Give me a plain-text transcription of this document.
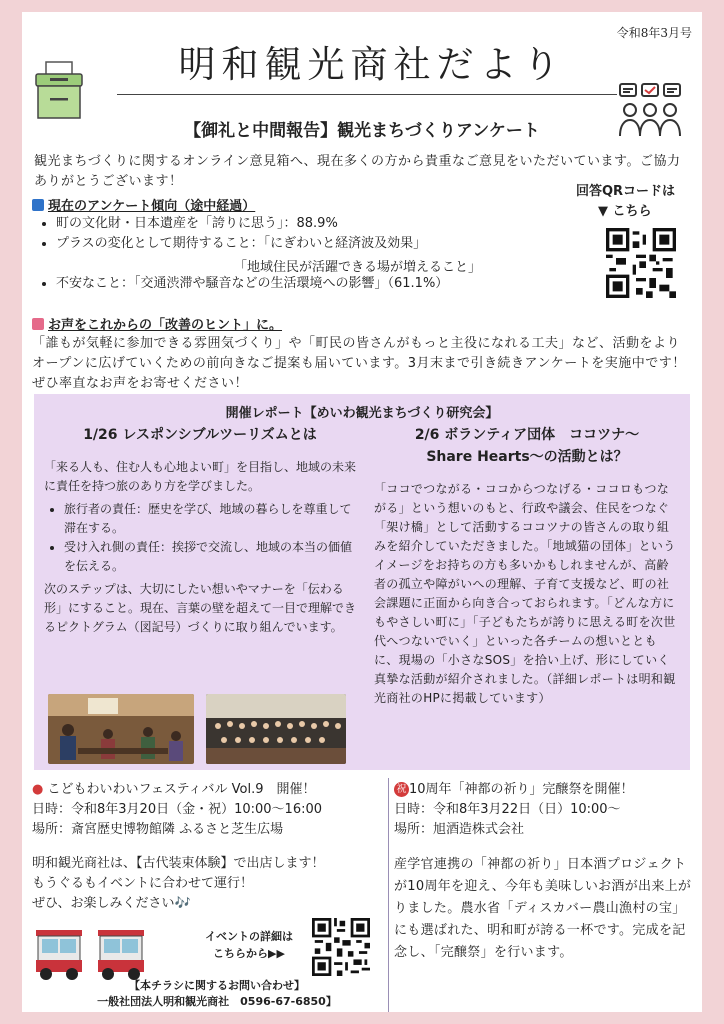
令和8年3月号
明和観光商社だより
【御礼と中間報告】観光まちづくりアンケート
観光まちづくりに関するオンライン意見箱へ、現在多くの方から貴重なご意見をいただいています。ご協力ありがとうございます！
現在のアンケート傾向（途中経過）
• 町の文化財・日本遺産を「誇りに思う」：88.9%
• プラスの変化として期待すること：「にぎわいと経済波及効果」
• 不安なこと：「交通渋滞や騒音などの生活環境への影響」（61.1%）
「地域住民が活躍できる場が増えること」
お声をこれからの「改善のヒント」に。
「誰もが気軽に参加できる雰囲気づくり」や「町民の皆さんがもっと主役になれる工夫」など、活動をよりオープンに広げていくための前向きなご提案も届いています。3月末まで引き続きアンケートを実施中です！ぜひ率直なお声をお寄せください！
回答QRコードは
▼ こちら
開催レポート【めいわ観光まちづくり研究会】
1/26 レスポンシブルツーリズムとは

「来る人も、住む人も心地よい町」を目指し、地域の未来に責任を持つ旅のあり方を学びました。

• 旅行者の責任：歴史を学び、地域の暮らしを尊重して滞在する。
• 受け入れ側の責任：挨拶で交流し、地域の本当の価値を伝える。

次のステップは、大切にしたい想いやマナーを「伝わる形」にすること。現在、言葉の壁を超えて一目で理解できるピクトグラム（図記号）づくりに取り組んでいます。

2/6 ボランティア団体　ココツナ～
Share Hearts～の活動とは？

「ココでつながる・ココからつなげる・ココロもつながる」という想いのもと、行政や議会、住民をつなぐ「架け橋」として活動するココツナの皆さんの取り組みを紹介していただきました。「地域猫の団体」というイメージをお持ちの方も多いかもしれませんが、高齢者の孤立や障がいへの理解、子育て支援など、町の社会課題に正面から向き合っておられます。「どんな方にもやさしい町に」「子どもたちが誇りに思える町を次世代へつないでいく」といった各チームの想いとともに、現場の「小さなSOS」を拾い上げ、形にしていく真摯な活動が紹介されました。（詳細レポートは明和観光商社のHPに掲載しています）

● こどもわいわいフェスティバル Vol.9　開催！

日時：令和8年3月20日（金・祝）10:00～16:00

場所：斎宮歴史博物館隣 ふるさと芝生広場

明和観光商社は、【古代装束体験】で出店します！

もうぐるもイベントに合わせて運行！

ぜひ、お楽しみください🎶

イベントの詳細は
こちらから▶▶
【本チラシに関するお問い合わせ】
一般社団法人明和観光商社　0596-67-6850】

祝 10周年「神都の祈り」完醸祭を開催！

日時：令和8年3月22日（日）10:00～

場所：旭酒造株式会社

産学官連携の「神都の祈り」日本酒プロジェクトが10周年を迎え、今年も美味しいお酒が出来上がりました。農水省「ディスカバー農山漁村の宝」にも選ばれた、明和町が誇る一杯です。完成を記念し、「完醸祭」を行います。
